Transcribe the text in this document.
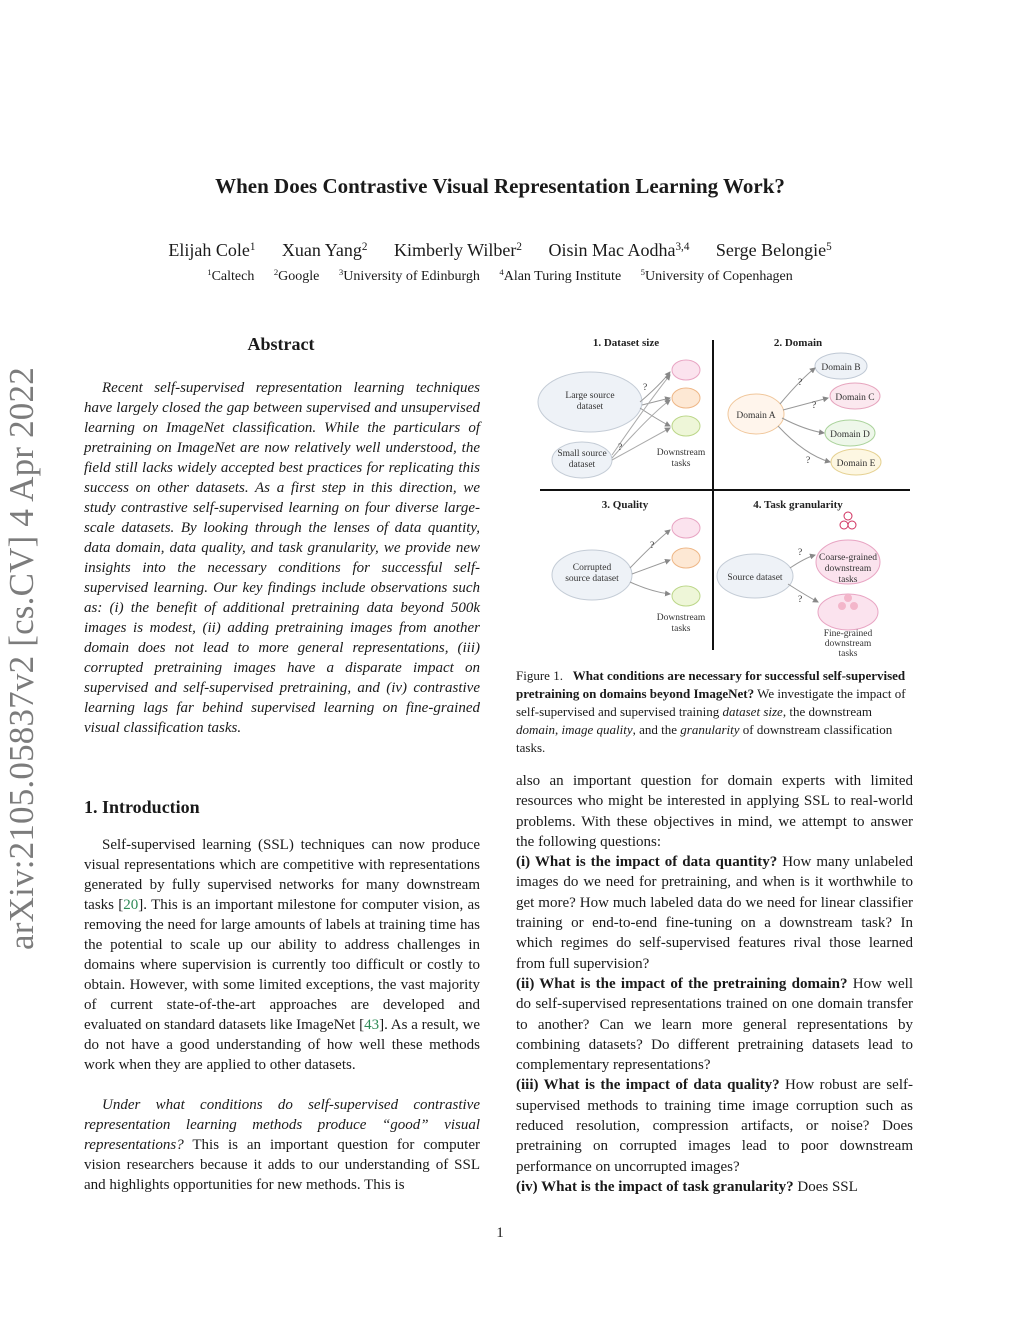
When Does Contrastive Visual Representation Learning Work?
Elijah Cole$^1$ Xuan Yang$^2$ Kimberly Wilber$^2$ Oisin Mac Aodha$^{3,4}$ Serge Belongie$^5$
$^1$Caltech $^2$Google $^3$University of Edinburgh $^4$Alan Turing Institute $^5$University of Copenhagen
arXiv:2105.05837v2 [cs.CV] 4 Apr 2022
Abstract

Recent self-supervised representation learning techniques have largely closed the gap between supervised and unsupervised learning on ImageNet classification. While the particulars of pretraining on ImageNet are now relatively well understood, the field still lacks widely accepted best practices for replicating this success on other datasets. As a first step in this direction, we study contrastive self-supervised learning on four diverse large-scale datasets. By looking through the lenses of data quantity, data domain, data quality, and task granularity, we provide new insights into the necessary conditions for successful self-supervised learning. Our key findings include observations such as: (i) the benefit of additional pretraining data beyond 500k images is modest, (ii) adding pretraining images from another domain does not lead to more general representations, (iii) corrupted pretraining images have a disparate impact on supervised and self-supervised pretraining, and (iv) contrastive learning lags far behind supervised learning on fine-grained visual classification tasks.

1. Introduction

Self-supervised learning (SSL) techniques can now produce visual representations which are competitive with representations generated by fully supervised networks for many downstream tasks [20]. This is an important milestone for computer vision, as removing the need for large amounts of labels at training time has the potential to scale up our ability to address challenges in domains where supervision is currently too difficult or costly to obtain. However, with some limited exceptions, the vast majority of current state-of-the-art approaches are developed and evaluated on standard datasets like ImageNet [43]. As a result, we do not have a good understanding of how well these methods work when they are applied to other datasets.

Under what conditions do self-supervised contrastive representation learning methods produce “good” visual representations? This is an important question for computer vision researchers because it adds to our understanding of SSL and highlights opportunities for new methods. This is

1. Dataset size	2. Domain
3. Quality	4. Task granularity
Large source
dataset
Small source
dataset
?
?	Downstream
tasks
Domain A
Domain B
Domain C
Domain D
Domain E
?
?
?
Corrupted
source dataset
?
Downstream
tasks
Source dataset
Coarse-grained
downstream
tasks
Fine-grained
downstream
tasks
?
?
Figure 1. What conditions are necessary for successful self-supervised pretraining on domains beyond ImageNet? We investigate the impact of self-supervised and supervised training dataset size, the downstream domain, image quality, and the granularity of downstream classification tasks.

also an important question for domain experts with limited resources who might be interested in applying SSL to real-world problems. With these objectives in mind, we attempt to answer the following questions:

(i) What is the impact of data quantity? How many unlabeled images do we need for pretraining, and when is it worthwhile to get more? How much labeled data do we need for linear classifier training or end-to-end fine-tuning on a downstream task? In which regimes do self-supervised features rival those learned from full supervision?

(ii) What is the impact of the pretraining domain? How well do self-supervised representations trained on one domain transfer to another? Can we learn more general representations by combining datasets? Do different pretraining datasets lead to complementary representations?

(iii) What is the impact of data quality? How robust are self-supervised methods to training time image corruption such as reduced resolution, compression artifacts, or noise? Does pretraining on corrupted images lead to poor downstream performance on uncorrupted images?

(iv) What is the impact of task granularity? Does SSL

1
